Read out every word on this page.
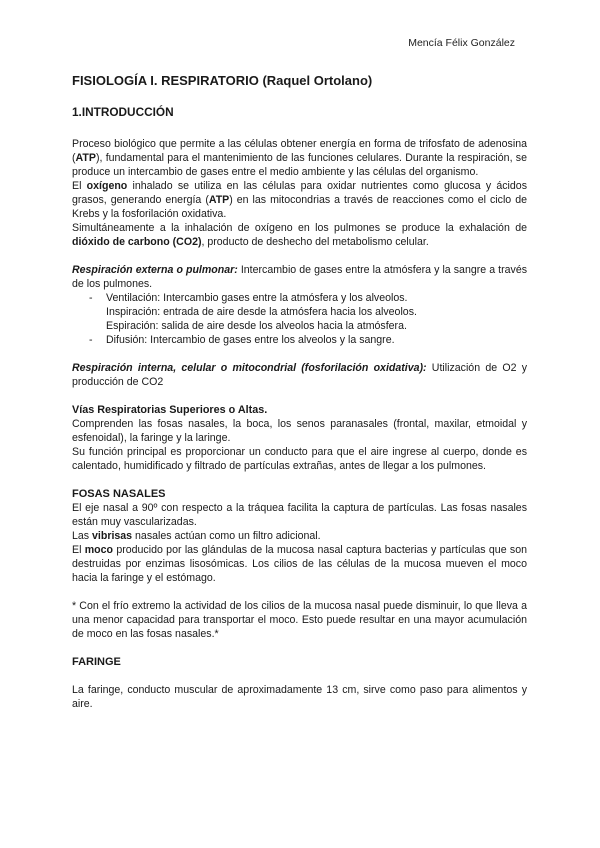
Mencía Félix González
FISIOLOGÍA I. RESPIRATORIO (Raquel Ortolano)
1.INTRODUCCIÓN

Proceso biológico que permite a las células obtener energía en forma de trifosfato de adenosina (ATP), fundamental para el mantenimiento de las funciones celulares. Durante la respiración, se produce un intercambio de gases entre el medio ambiente y las células del organismo.

El oxígeno inhalado se utiliza en las células para oxidar nutrientes como glucosa y ácidos grasos, generando energía (ATP) en las mitocondrias a través de reacciones como el ciclo de Krebs y la fosforilación oxidativa.

Simultáneamente a la inhalación de oxígeno en los pulmones se produce la exhalación de dióxido de carbono (CO2), producto de deshecho del metabolismo celular.

Respiración externa o pulmonar: Intercambio de gases entre la atmósfera y la sangre a través de los pulmones.

- Ventilación: Intercambio gases entre la atmósfera y los alveolos.
Inspiración: entrada de aire desde la atmósfera hacia los alveolos.
Espiración: salida de aire desde los alveolos hacia la atmósfera.
- Difusión: Intercambio de gases entre los alveolos y la sangre.

Respiración interna, celular o mitocondrial (fosforilación oxidativa): Utilización de O2 y producción de CO2

Vías Respiratorias Superiores o Altas.

Comprenden las fosas nasales, la boca, los senos paranasales (frontal, maxilar, etmoidal y esfenoidal), la faringe y la laringe.

Su función principal es proporcionar un conducto para que el aire ingrese al cuerpo, donde es calentado, humidificado y filtrado de partículas extrañas, antes de llegar a los pulmones.

FOSAS NASALES

El eje nasal a 90º con respecto a la tráquea facilita la captura de partículas. Las fosas nasales están muy vascularizadas.

Las vibrisas nasales actúan como un filtro adicional.

El moco producido por las glándulas de la mucosa nasal captura bacterias y partículas que son destruidas por enzimas lisosómicas. Los cilios de las células de la mucosa mueven el moco hacia la faringe y el estómago.

* Con el frío extremo la actividad de los cilios de la mucosa nasal puede disminuir, lo que lleva a una menor capacidad para transportar el moco. Esto puede resultar en una mayor acumulación de moco en las fosas nasales.*

FARINGE

La faringe, conducto muscular de aproximadamente 13 cm, sirve como paso para alimentos y aire.
